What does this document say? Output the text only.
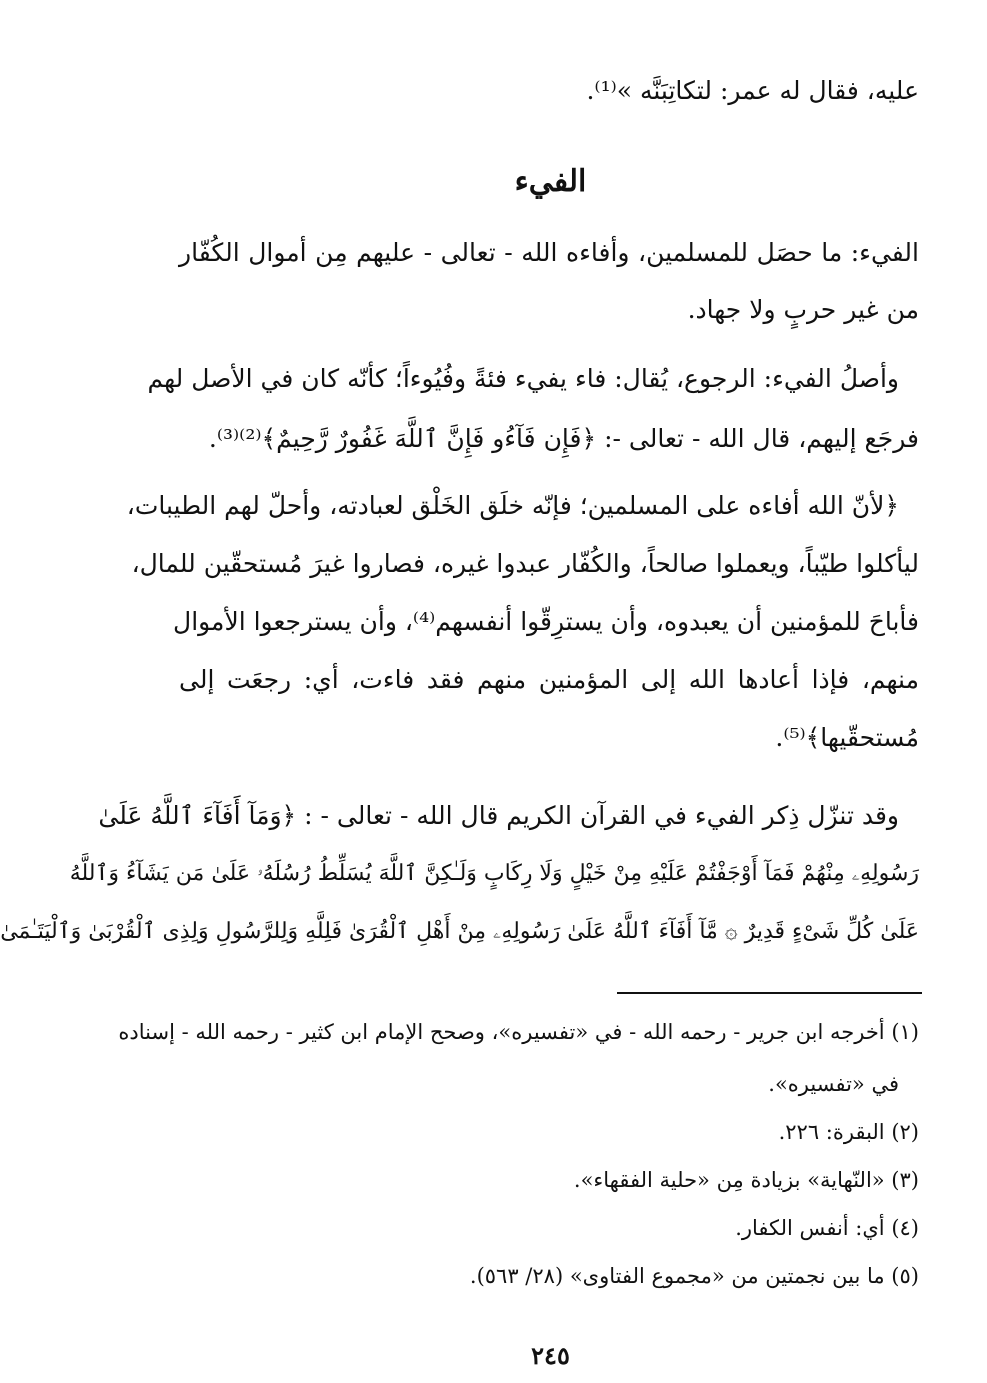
عليه، فقال له عمر: لتكاتِبَنَّه »⁽¹⁾.
الفيء
الفيء: ما حصَل للمسلمين، وأفاءه الله - تعالى - عليهم مِن أموال الكُفّار
من غير حربٍ ولا جهاد.
وأصلُ الفيء: الرجوع، يُقال: فاء يفيء فئةً وفُيُوءاً؛ كأنّه كان في الأصل لهم
فرجَع إليهم، قال الله - تعالى -: ﴿فَإِن فَآءُو فَإِنَّ ٱللَّهَ غَفُورٌ رَّحِيمٌ﴾⁽²⁾⁽³⁾.
﴿لأنّ الله أفاءه على المسلمين؛ فإنّه خلَق الخَلْق لعبادته، وأحلّ لهم الطيبات،
ليأكلوا طيّباً، ويعملوا صالحاً، والكُفّار عبدوا غيره، فصاروا غيرَ مُستحقّين للمال،
فأباحَ للمؤمنين أن يعبدوه، وأن يسترِقّوا أنفسهم⁽⁴⁾، وأن يسترجعوا الأموال
منهم، فإذا أعادها الله إلى المؤمنين منهم فقد فاءت، أي: رجعَت إلى
مُستحقّيها﴾⁽⁵⁾.
وقد تنزّل ذِكر الفيء في القرآن الكريم قال الله - تعالى - : ﴿وَمَآ أَفَآءَ ٱللَّهُ عَلَىٰ
رَسُولِهِۦ مِنْهُمْ فَمَآ أَوْجَفْتُمْ عَلَيْهِ مِنْ خَيْلٍ وَلَا رِكَابٍ وَلَـٰكِنَّ ٱللَّهَ يُسَلِّطُ رُسُلَهُۥ عَلَىٰ مَن يَشَآءُ وَٱللَّهُ
عَلَىٰ كُلِّ شَىْءٍ قَدِيرٌ ۞ مَّآ أَفَآءَ ٱللَّهُ عَلَىٰ رَسُولِهِۦ مِنْ أَهْلِ ٱلْقُرَىٰ فَلِلَّهِ وَلِلرَّسُولِ وَلِذِى ٱلْقُرْبَىٰ وَٱلْيَتَـٰمَىٰ
(١) أخرجه ابن جرير - رحمه الله - في «تفسيره»، وصحح الإمام ابن كثير - رحمه الله - إسناده
في «تفسيره».
(٢) البقرة: ٢٢٦.
(٣) «النّهاية» بزيادة مِن «حلية الفقهاء».
(٤) أي: أنفس الكفار.
(٥) ما بين نجمتين من «مجموع الفتاوى» (٢٨/ ٥٦٣).
٢٤٥
